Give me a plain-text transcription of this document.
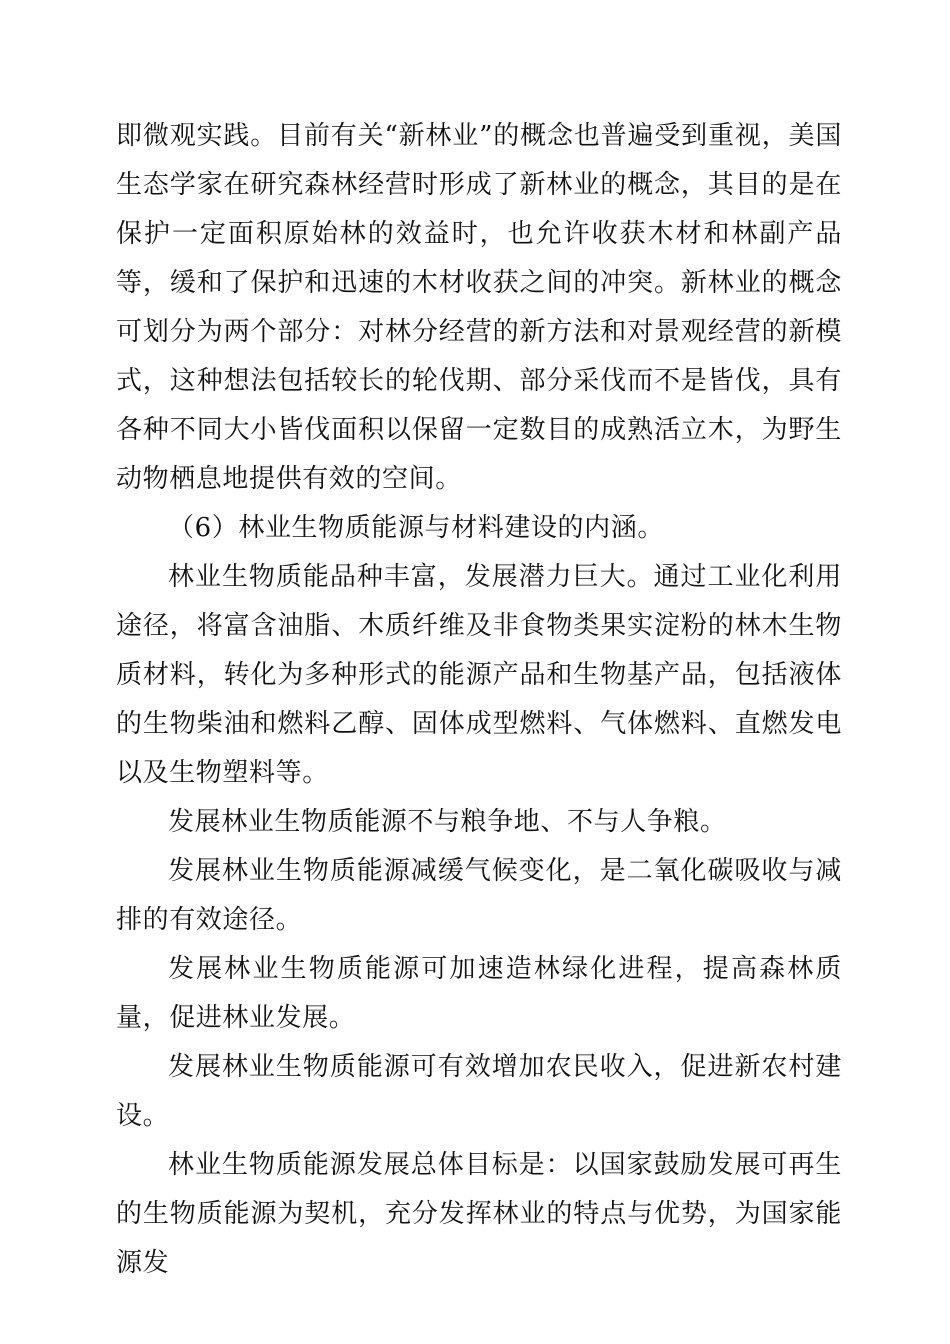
即微观实践。目前有关“新林业”的概念也普遍受到重视，美国生态学家在研究森林经营时形成了新林业的概念，其目的是在保护一定面积原始林的效益时，也允许收获木材和林副产品等，缓和了保护和迅速的木材收获之间的冲突。新林业的概念可划分为两个部分：对林分经营的新方法和对景观经营的新模式，这种想法包括较长的轮伐期、部分采伐而不是皆伐，具有各种不同大小皆伐面积以保留一定数目的成熟活立木，为野生动物栖息地提供有效的空间。

（6）林业生物质能源与材料建设的内涵。

林业生物质能品种丰富，发展潜力巨大。通过工业化利用途径，将富含油脂、木质纤维及非食物类果实淀粉的林木生物质材料，转化为多种形式的能源产品和生物基产品，包括液体的生物柴油和燃料乙醇、固体成型燃料、气体燃料、直燃发电以及生物塑料等。

发展林业生物质能源不与粮争地、不与人争粮。

发展林业生物质能源减缓气候变化，是二氧化碳吸收与减排的有效途径。

发展林业生物质能源可加速造林绿化进程，提高森林质量，促进林业发展。

发展林业生物质能源可有效增加农民收入，促进新农村建设。

林业生物质能源发展总体目标是：以国家鼓励发展可再生的生物质能源为契机，充分发挥林业的特点与优势，为国家能源发
